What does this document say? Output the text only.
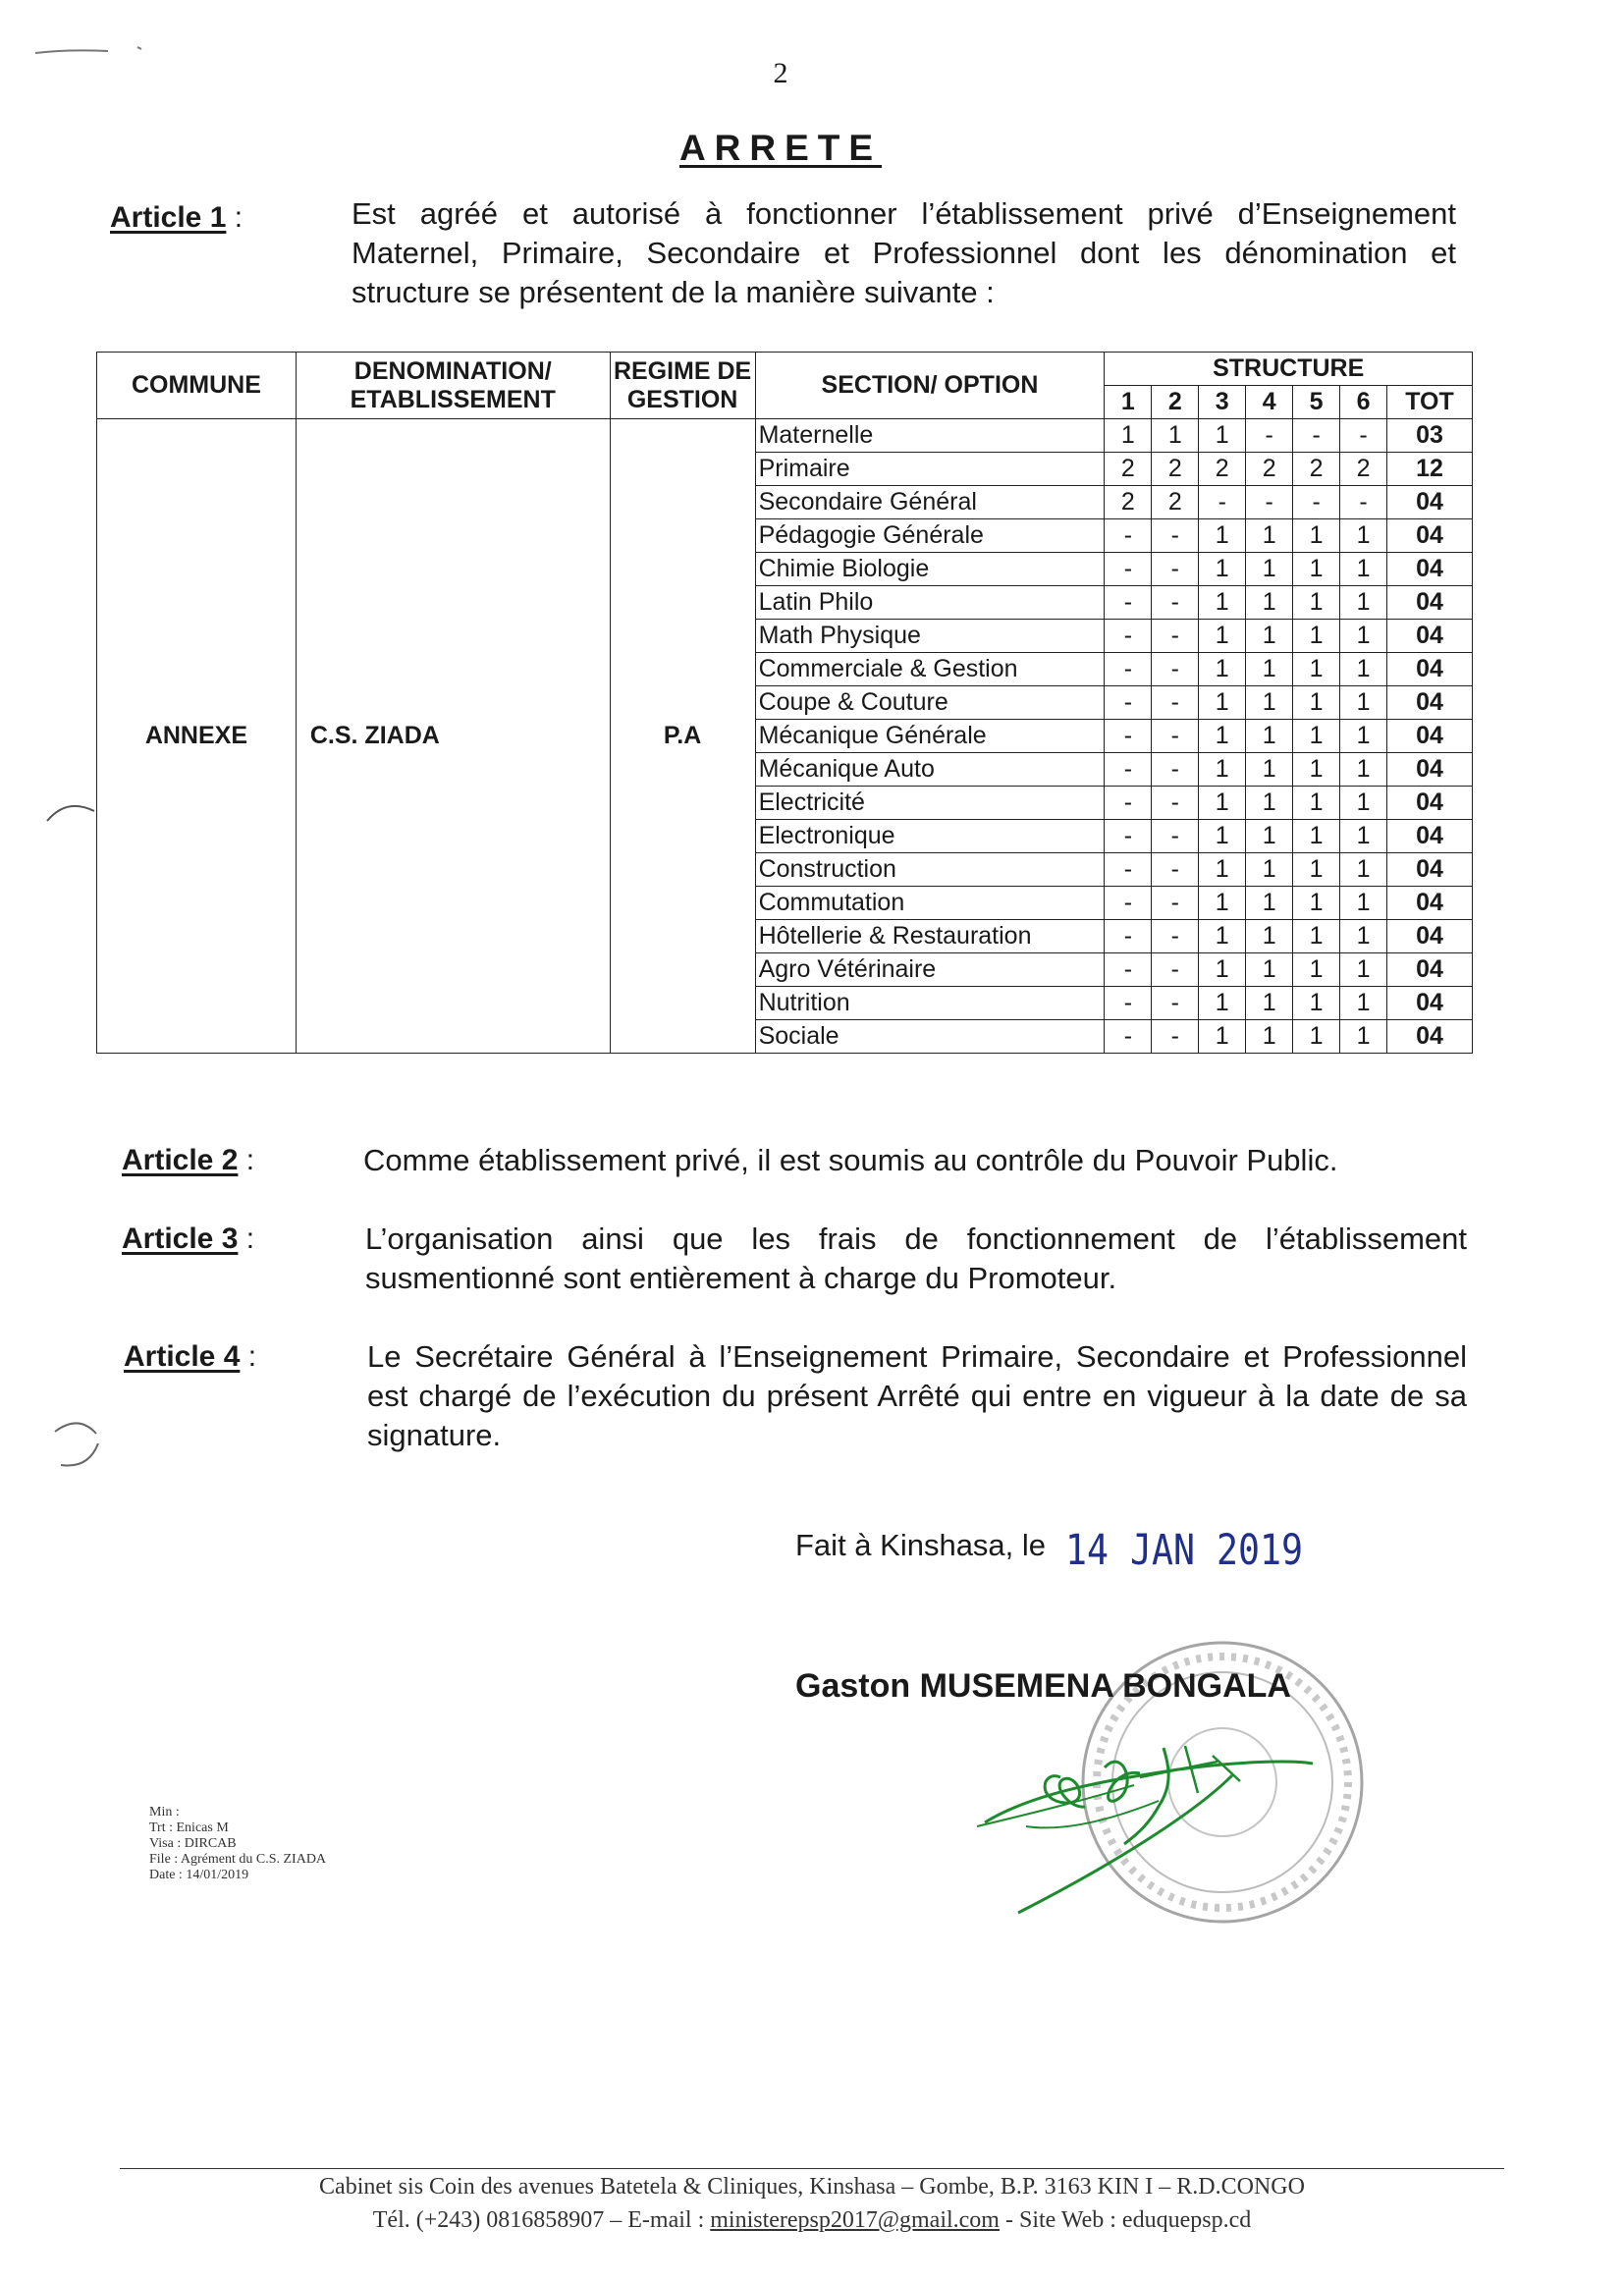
2
ARRETE
Article 1 :	Est agréé et autorisé à fonctionner l’établissement privé d’Enseignement Maternel, Primaire, Secondaire et Professionnel dont les dénomination et structure se présentent de la manière suivante :
COMMUNE	DENOMINATION/ ETABLISSEMENT	REGIME DE GESTION	SECTION/ OPTION	STRUCTURE						
				1	2	3	4	5	6	TOT
ANNEXE	C.S. ZIADA	P.A	Maternelle	1	1	1	-	-	-	03
			Primaire	2	2	2	2	2	2	12
			Secondaire Général	2	2	-	-	-	-	04
			Pédagogie Générale	-	-	1	1	1	1	04
			Chimie Biologie	-	-	1	1	1	1	04
			Latin Philo	-	-	1	1	1	1	04
			Math Physique	-	-	1	1	1	1	04
			Commerciale & Gestion	-	-	1	1	1	1	04
			Coupe & Couture	-	-	1	1	1	1	04
			Mécanique Générale	-	-	1	1	1	1	04
			Mécanique Auto	-	-	1	1	1	1	04
			Electricité	-	-	1	1	1	1	04
			Electronique	-	-	1	1	1	1	04
			Construction	-	-	1	1	1	1	04
			Commutation	-	-	1	1	1	1	04
			Hôtellerie & Restauration	-	-	1	1	1	1	04
			Agro Vétérinaire	-	-	1	1	1	1	04
			Nutrition	-	-	1	1	1	1	04
			Sociale	-	-	1	1	1	1	04
Article 2 :	Comme établissement privé, il est soumis au contrôle du Pouvoir Public.
Article 3 :	L’organisation ainsi que les frais de fonctionnement de l’établissement susmentionné sont entièrement à charge du Promoteur.
Article 4 :	Le Secrétaire Général à l’Enseignement Primaire, Secondaire et Professionnel est chargé de l’exécution du présent Arrêté qui entre en vigueur à la date de sa signature.
Fait à Kinshasa, le 14 JAN 2019
Gaston MUSEMENA BONGALA
Min :
Trt : Enicas M
Visa : DIRCAB
File : Agrément du C.S. ZIADA
Date : 14/01/2019
Cabinet sis Coin des avenues Batetela & Cliniques, Kinshasa – Gombe, B.P. 3163 KIN I – R.D.CONGO
Tél. (+243) 0816858907 – E-mail : ministerepsp2017@gmail.com - Site Web : eduquepsp.cd
